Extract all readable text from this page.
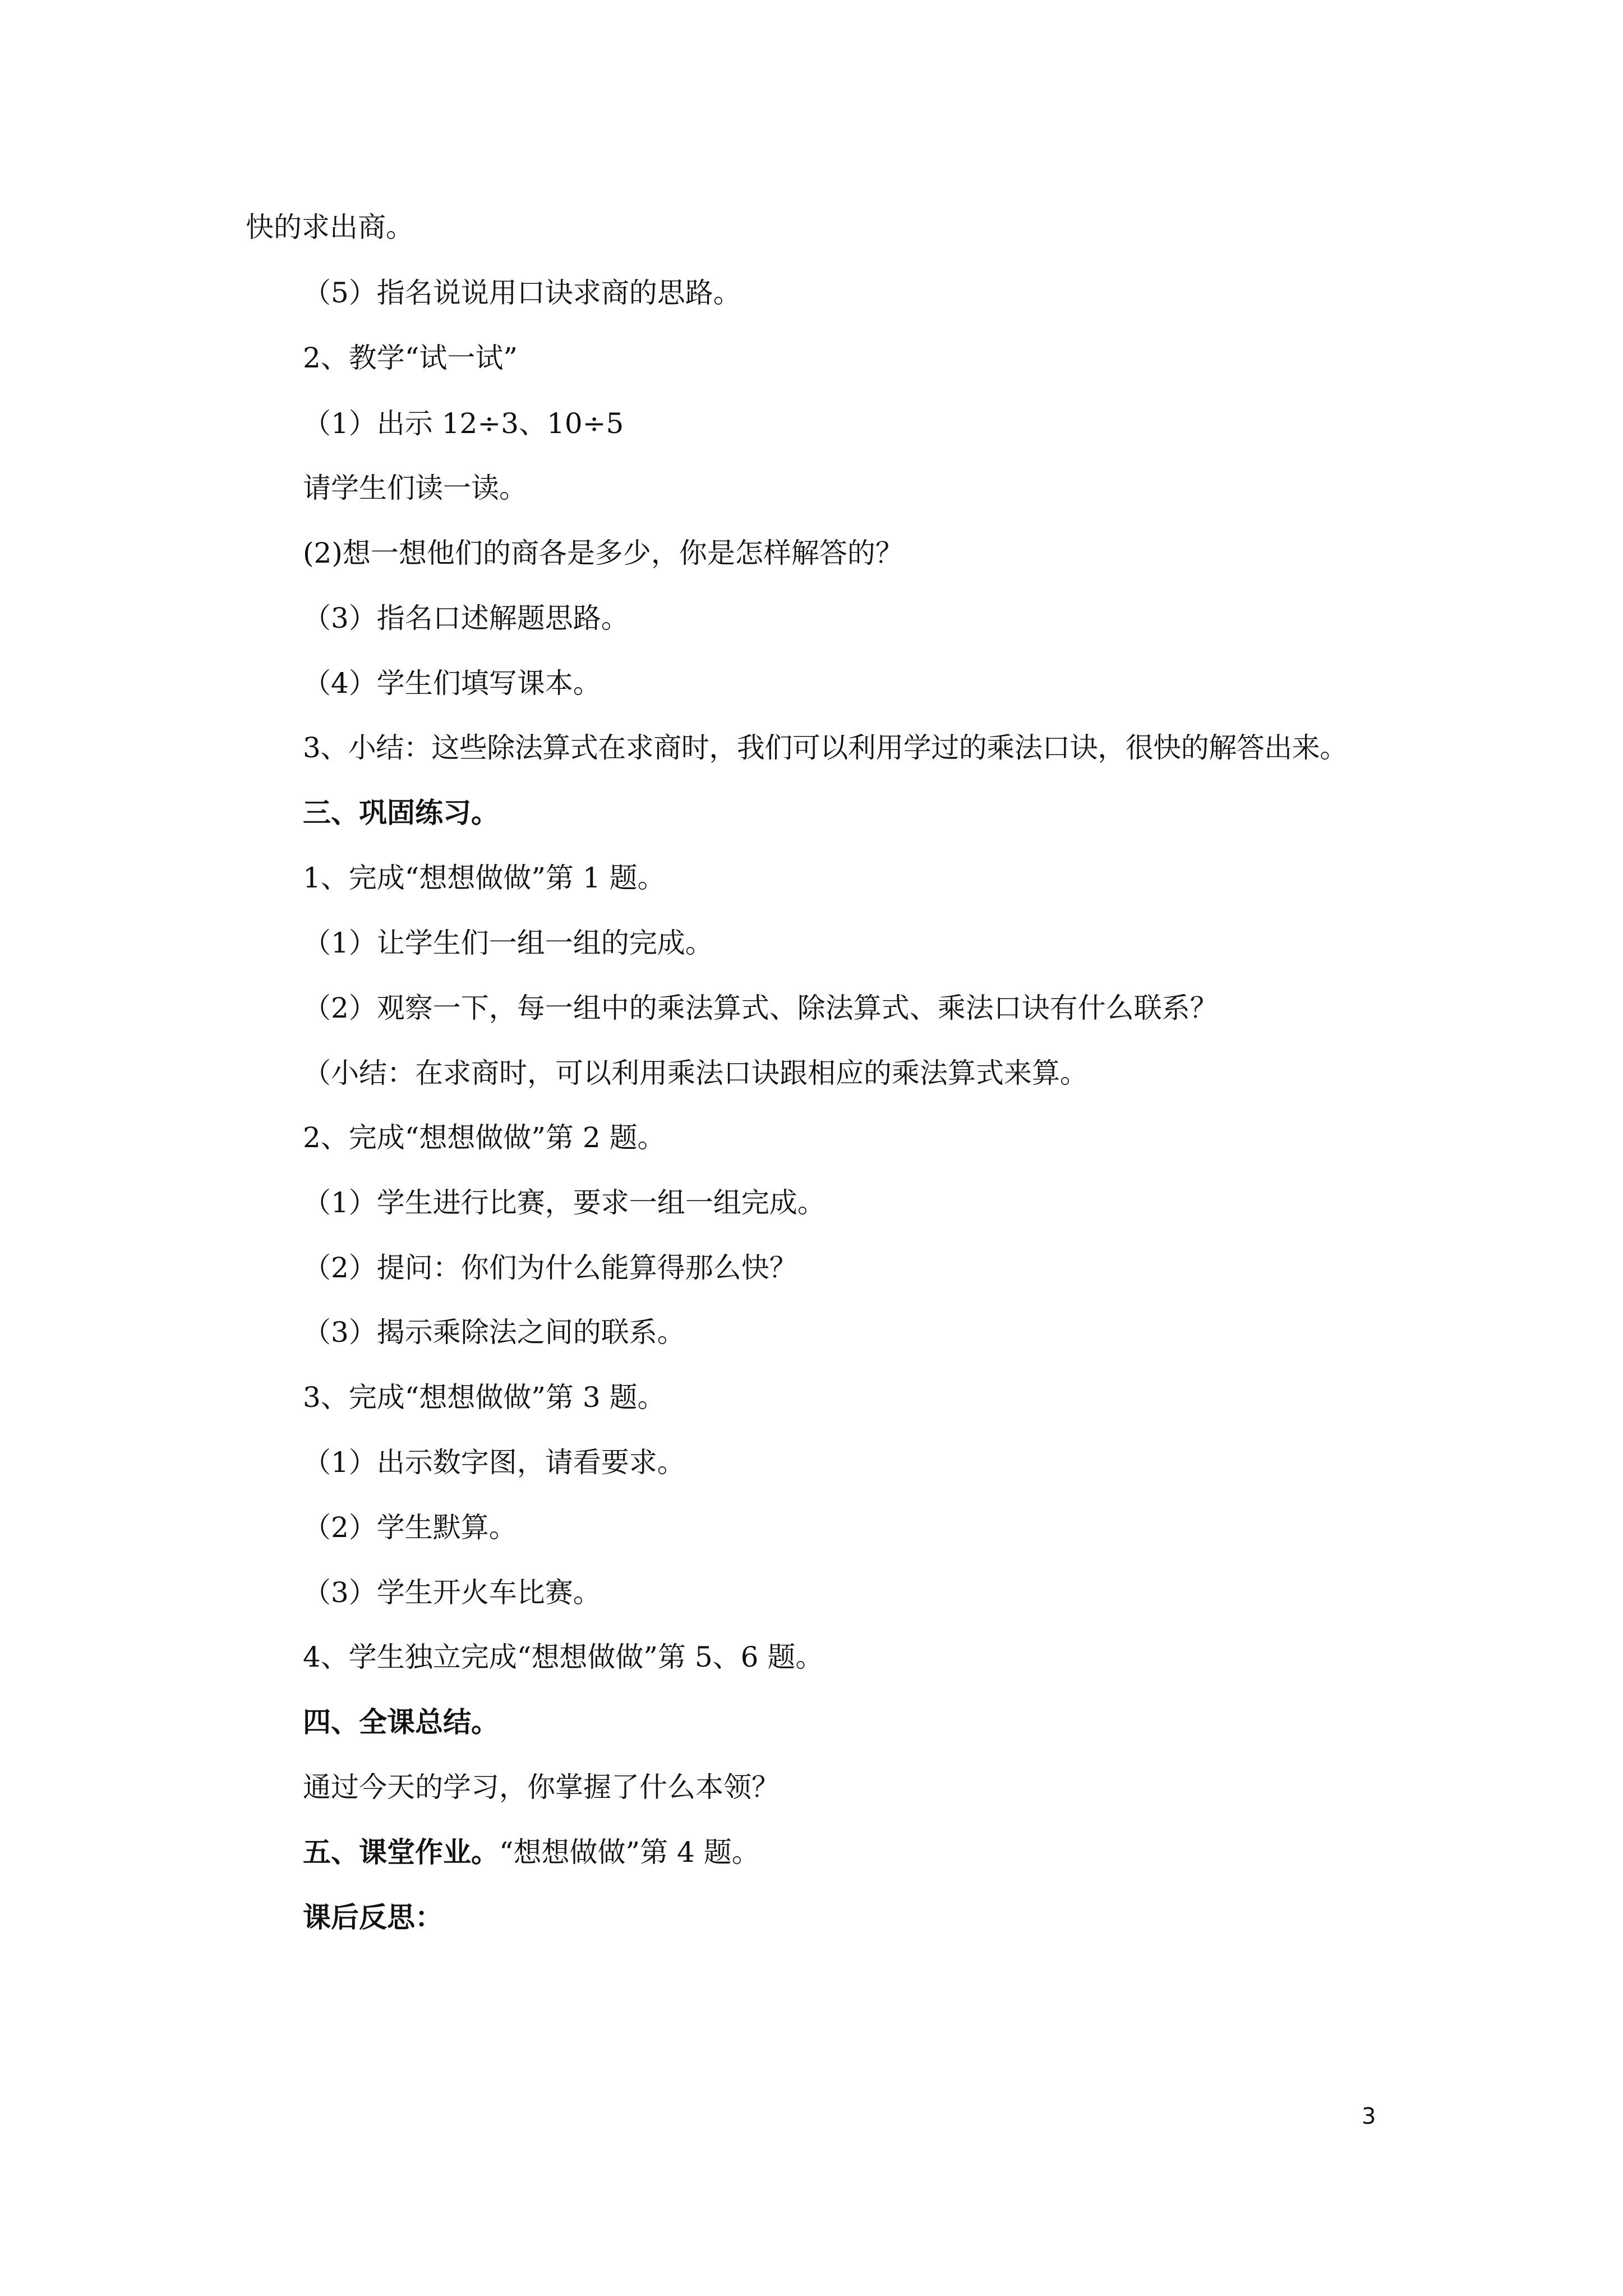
快的求出商。
（5）指名说说用口诀求商的思路。
2、教学“试一试”
（1）出示 12÷3、10÷5
请学生们读一读。
(2)想一想他们的商各是多少，你是怎样解答的？
（3）指名口述解题思路。
（4）学生们填写课本。
3、小结：这些除法算式在求商时，我们可以利用学过的乘法口诀，很快的解答出来。
三、巩固练习。
1、完成“想想做做”第 1 题。
（1）让学生们一组一组的完成。
（2）观察一下，每一组中的乘法算式、除法算式、乘法口诀有什么联系？
（小结：在求商时，可以利用乘法口诀跟相应的乘法算式来算。
2、完成“想想做做”第 2 题。
（1）学生进行比赛，要求一组一组完成。
（2）提问：你们为什么能算得那么快？
（3）揭示乘除法之间的联系。
3、完成“想想做做”第 3 题。
（1）出示数字图，请看要求。
（2）学生默算。
（3）学生开火车比赛。
4、学生独立完成“想想做做”第 5、6 题。
四、全课总结。
通过今天的学习，你掌握了什么本领？
五、课堂作业。“想想做做”第 4 题。
课后反思：
3
